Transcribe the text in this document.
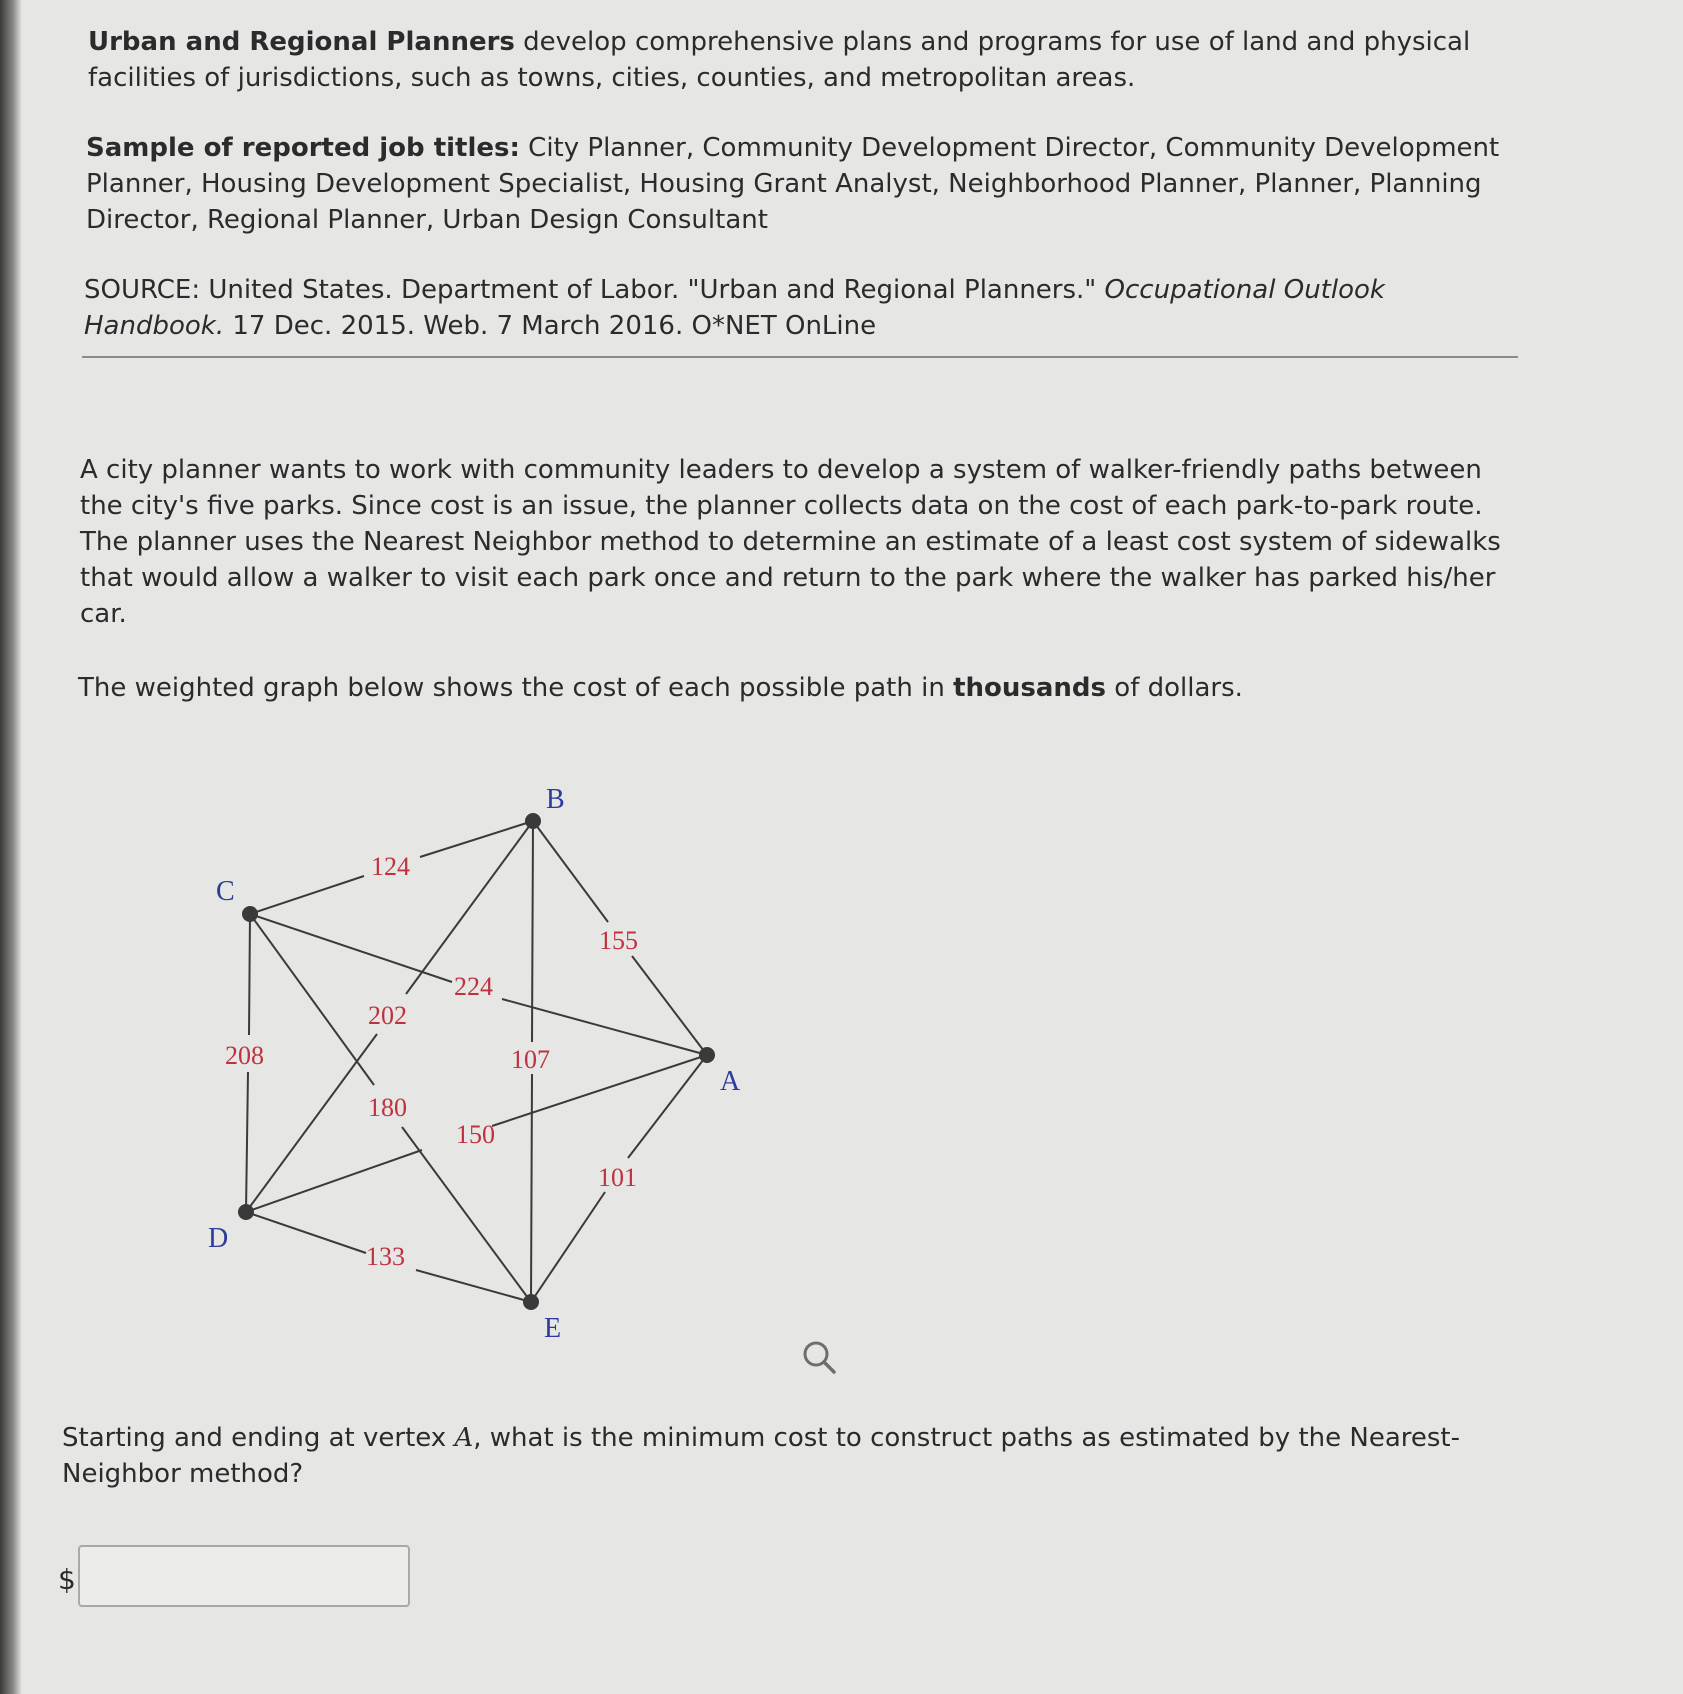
Urban and Regional Planners develop comprehensive plans and programs for use of land and physical facilities of jurisdictions, such as towns, cities, counties, and metropolitan areas.

Sample of reported job titles: City Planner, Community Development Director, Community Development Planner, Housing Development Specialist, Housing Grant Analyst, Neighborhood Planner, Planner, Planning Director, Regional Planner, Urban Design Consultant

SOURCE: United States. Department of Labor. "Urban and Regional Planners." Occupational Outlook Handbook. 17 Dec. 2015. Web. 7 March 2016. O*NET OnLine

A city planner wants to work with community leaders to develop a system of walker-friendly paths between the city's five parks. Since cost is an issue, the planner collects data on the cost of each park-to-park route. The planner uses the Nearest Neighbor method to determine an estimate of a least cost system of sidewalks that would allow a walker to visit each park once and return to the park where the walker has parked his/her car.

The weighted graph below shows the cost of each possible path in thousands of dollars.

124
155
224
202
208	107
180
150
101
133
B
C
A
D
E

Starting and ending at vertex A, what is the minimum cost to construct paths as estimated by the Nearest-Neighbor method?

$
